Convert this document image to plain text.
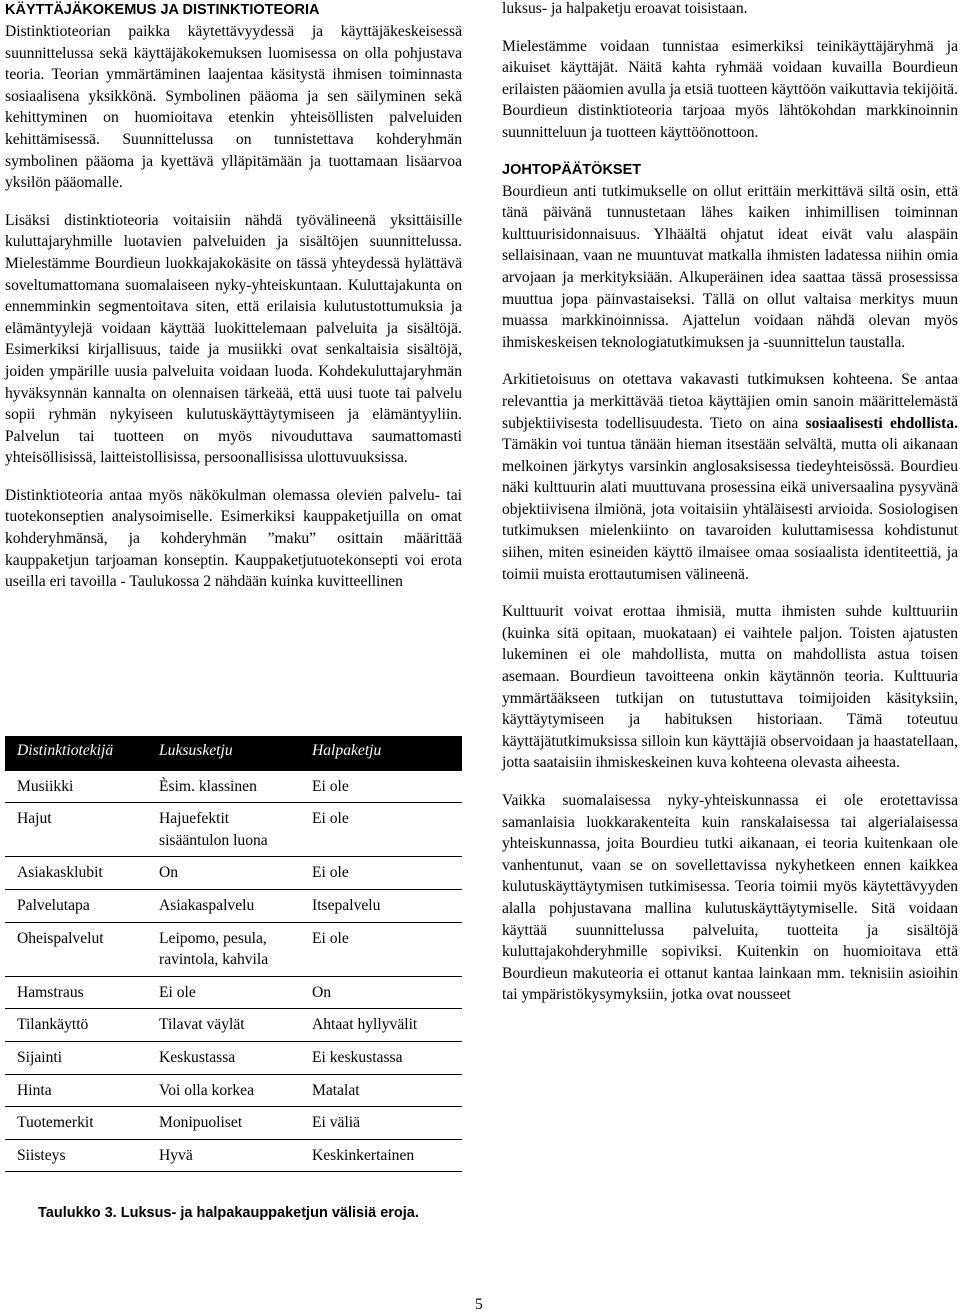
KÄYTTÄJÄKOKEMUS JA DISTINKTIOTEORIA

Distinktioteorian paikka käytettävyydessä ja käyttäjäkeskeisessä suunnittelussa sekä käyttäjäkokemuksen luomisessa on olla pohjustava teoria. Teorian ymmärtäminen laajentaa käsitystä ihmisen toiminnasta sosiaalisena yksikkönä. Symbolinen pääoma ja sen säilyminen sekä kehittyminen on huomioitava etenkin yhteisöllisten palveluiden kehittämisessä. Suunnittelussa on tunnistettava kohderyhmän symbolinen pääoma ja kyettävä ylläpitämään ja tuottamaan lisäarvoa yksilön pääomalle.

Lisäksi distinktioteoria voitaisiin nähdä työvälineenä yksittäisille kuluttajaryhmille luotavien palveluiden ja sisältöjen suunnittelussa. Mielestämme Bourdieun luokkajakokäsite on tässä yhteydessä hylättävä soveltumattomana suomalaiseen nyky-yhteiskuntaan. Kuluttajakunta on ennemminkin segmentoitava siten, että erilaisia kulutustottumuksia ja elämäntyylejä voidaan käyttää luokittelemaan palveluita ja sisältöjä. Esimerkiksi kirjallisuus, taide ja musiikki ovat senkaltaisia sisältöjä, joiden ympärille uusia palveluita voidaan luoda. Kohdekuluttajaryhmän hyväksynnän kannalta on olennaisen tärkeää, että uusi tuote tai palvelu sopii ryhmän nykyiseen kulutuskäyttäytymiseen ja elämäntyyliin. Palvelun tai tuotteen on myös nivouduttava saumattomasti yhteisöllisissä, laitteistollisissa, persoonallisissa ulottuvuuksissa.

Distinktioteoria antaa myös näkökulman olemassa olevien palvelu- tai tuotekonseptien analysoimiselle. Esimerkiksi kauppaketjuilla on omat kohderyhmänsä, ja kohderyhmän ”maku” osittain määrittää kauppaketjun tarjoaman konseptin. Kauppaketjutuotekonsepti voi erota useilla eri tavoilla - Taulukossa 2 nähdään kuinka kuvitteellinen

Distinktiotekijä	Luksusketju	Halpaketju
Musiikki	Èsim. klassinen	Ei ole
Hajut	Hajuefektit sisääntulon luona	Ei ole
Asiakasklubit	On	Ei ole
Palvelutapa	Asiakaspalvelu	Itsepalvelu
Oheispalvelut	Leipomo, pesula, ravintola, kahvila	Ei ole
Hamstraus	Ei ole	On
Tilankäyttö	Tilavat väylät	Ahtaat hyllyvälit
Sijainti	Keskustassa	Ei keskustassa
Hinta	Voi olla korkea	Matalat
Tuotemerkit	Monipuoliset	Ei väliä
Siisteys	Hyvä	Keskinkertainen
Taulukko 3. Luksus- ja halpakauppaketjun välisiä eroja.

luksus- ja halpaketju eroavat toisistaan.

Mielestämme voidaan tunnistaa esimerkiksi teinikäyttäjäryhmä ja aikuiset käyttäjät. Näitä kahta ryhmää voidaan kuvailla Bourdieun erilaisten pääomien avulla ja etsiä tuotteen käyttöön vaikuttavia tekijöitä. Bourdieun distinktioteoria tarjoaa myös lähtökohdan markkinoinnin suunnitteluun ja tuotteen käyttöönottoon.

JOHTOPÄÄTÖKSET

Bourdieun anti tutkimukselle on ollut erittäin merkittävä siltä osin, että tänä päivänä tunnustetaan lähes kaiken inhimillisen toiminnan kulttuurisidonnaisuus. Ylhäältä ohjatut ideat eivät valu alaspäin sellaisinaan, vaan ne muuntuvat matkalla ihmisten ladatessa niihin omia arvojaan ja merkityksiään. Alkuperäinen idea saattaa tässä prosessissa muuttua jopa päinvastaiseksi. Tällä on ollut valtaisa merkitys muun muassa markkinoinnissa. Ajattelun voidaan nähdä olevan myös ihmiskeskeisen teknologiatutkimuksen ja -suunnittelun taustalla.

Arkitietoisuus on otettava vakavasti tutkimuksen kohteena. Se antaa relevanttia ja merkittävää tietoa käyttäjien omin sanoin määrittelemästä subjektiivisesta todellisuudesta. Tieto on aina sosiaalisesti ehdollista. Tämäkin voi tuntua tänään hieman itsestään selvältä, mutta oli aikanaan melkoinen järkytys varsinkin anglosaksisessa tiedeyhteisössä. Bourdieu näki kulttuurin alati muuttuvana prosessina eikä universaalina pysyvänä objektiivisena ilmiönä, jota voitaisiin yhtäläisesti arvioida. Sosiologisen tutkimuksen mielenkiinto on tavaroiden kuluttamisessa kohdistunut siihen, miten esineiden käyttö ilmaisee omaa sosiaalista identiteettiä, ja toimii muista erottautumisen välineenä.

Kulttuurit voivat erottaa ihmisiä, mutta ihmisten suhde kulttuuriin (kuinka sitä opitaan, muokataan) ei vaihtele paljon. Toisten ajatusten lukeminen ei ole mahdollista, mutta on mahdollista astua toisen asemaan. Bourdieun tavoitteena onkin käytännön teoria. Kulttuuria ymmärtääkseen tutkijan on tutustuttava toimijoiden käsityksiin, käyttäytymiseen ja habituksen historiaan. Tämä toteutuu käyttäjätutkimuksissa silloin kun käyttäjiä observoidaan ja haastatellaan, jotta saataisiin ihmiskeskeinen kuva kohteena olevasta aiheesta.

Vaikka suomalaisessa nyky-yhteiskunnassa ei ole erotettavissa samanlaisia luokkarakenteita kuin ranskalaisessa tai algerialaisessa yhteiskunnassa, joita Bourdieu tutki aikanaan, ei teoria kuitenkaan ole vanhentunut, vaan se on sovellettavissa nykyhetkeen ennen kaikkea kulutuskäyttäytymisen tutkimisessa. Teoria toimii myös käytettävyyden alalla pohjustavana mallina kulutuskäyttäytymiselle. Sitä voidaan käyttää suunnittelussa palveluita, tuotteita ja sisältöjä kuluttajakohderyhmille sopiviksi. Kuitenkin on huomioitava että Bourdieun makuteoria ei ottanut kantaa lainkaan mm. teknisiin asioihin tai ympäristökysymyksiin, jotka ovat nousseet

5
